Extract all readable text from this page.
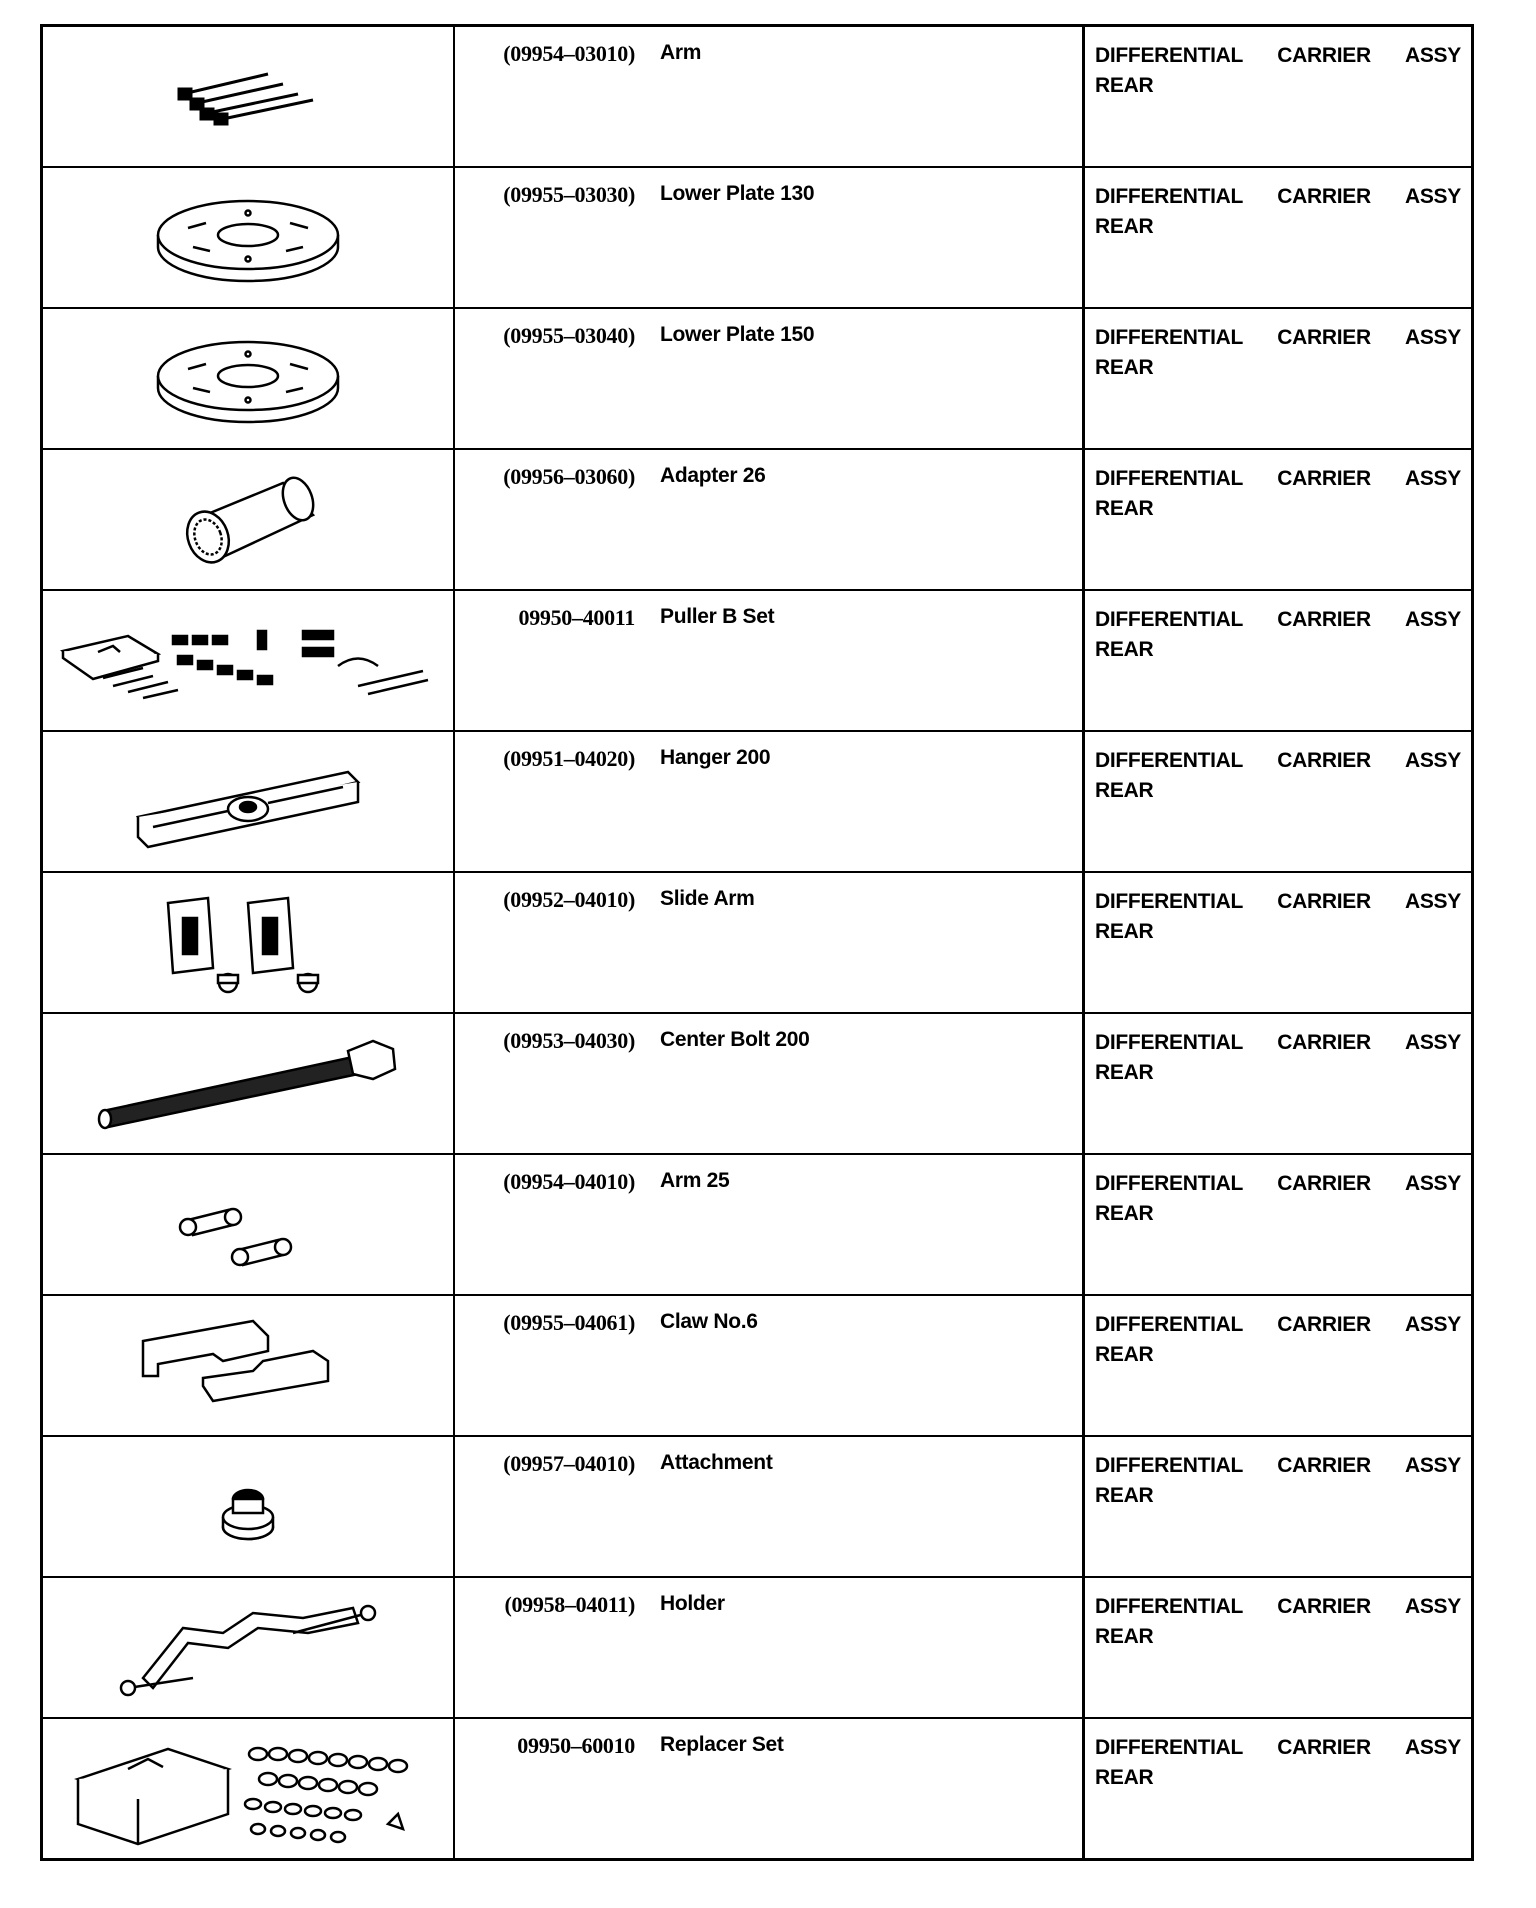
(09954–03010) Arm	DIFFERENTIAL CARRIER ASSY
REAR

(09955–03030) Lower Plate 130	DIFFERENTIAL CARRIER ASSY
REAR

(09955–03040) Lower Plate 150	DIFFERENTIAL CARRIER ASSY
REAR

(09956–03060) Adapter 26	DIFFERENTIAL CARRIER ASSY
REAR

09950–40011 Puller B Set	DIFFERENTIAL CARRIER ASSY
REAR

(09951–04020) Hanger 200	DIFFERENTIAL CARRIER ASSY
REAR

(09952–04010) Slide Arm	DIFFERENTIAL CARRIER ASSY
REAR

(09953–04030) Center Bolt 200	DIFFERENTIAL CARRIER ASSY
REAR

(09954–04010) Arm 25	DIFFERENTIAL CARRIER ASSY
REAR

(09955–04061) Claw No.6	DIFFERENTIAL CARRIER ASSY
REAR

(09957–04010) Attachment	DIFFERENTIAL CARRIER ASSY
REAR

(09958–04011) Holder	DIFFERENTIAL CARRIER ASSY
REAR

09950–60010 Replacer Set	DIFFERENTIAL CARRIER ASSY
REAR
